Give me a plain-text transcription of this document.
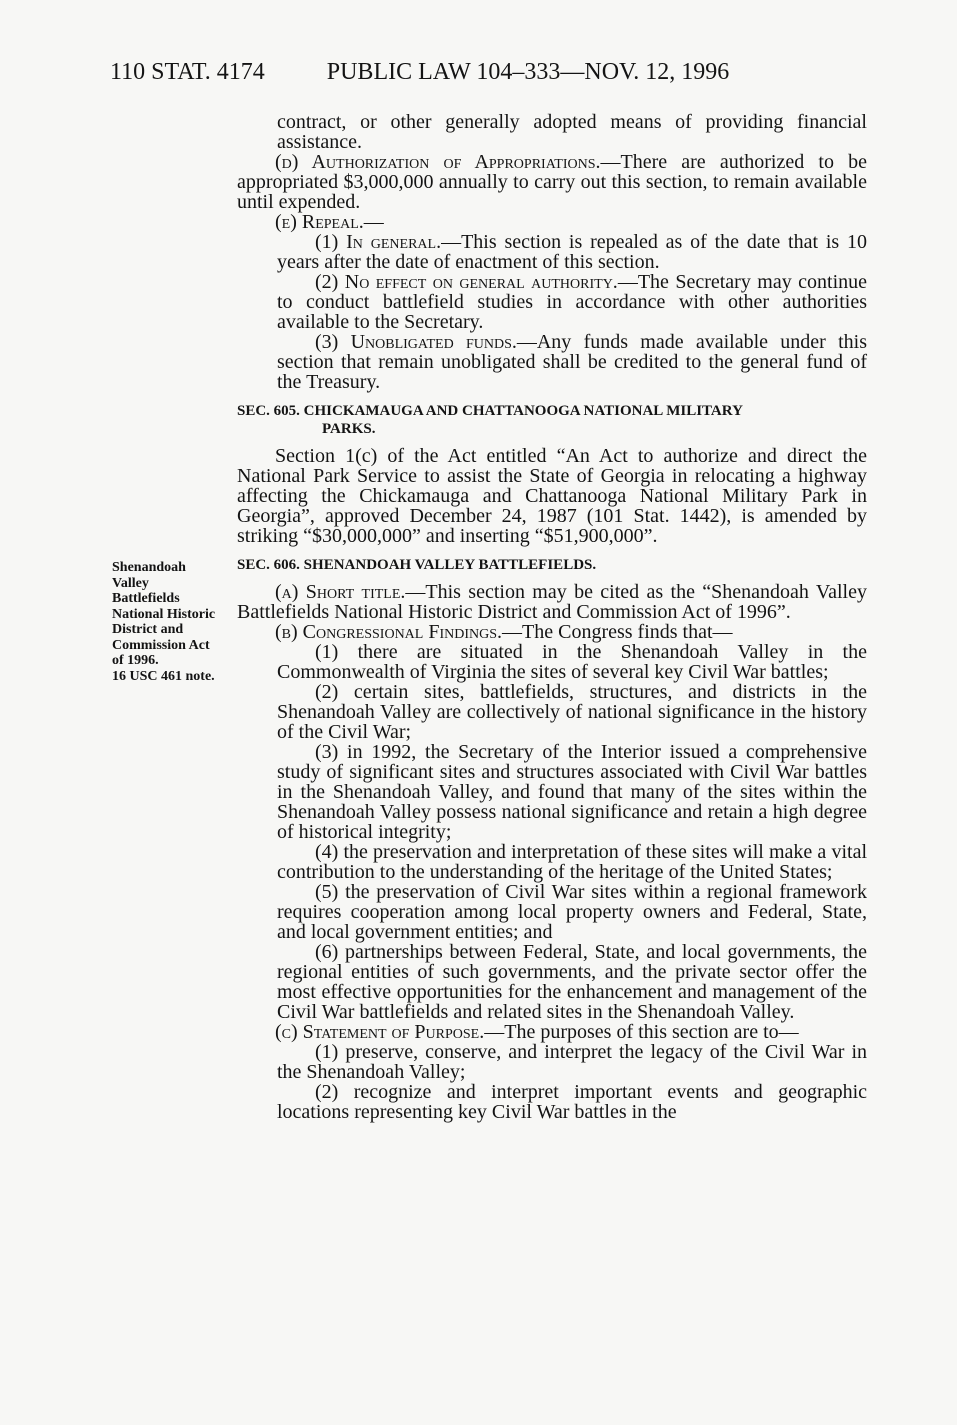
110 STAT. 4174	PUBLIC LAW 104–333—NOV. 12, 1996
Shenandoah
Valley
Battlefields
National Historic
District and
Commission Act
of 1996.
16 USC 461 note.

contract, or other generally adopted means of providing financial assistance.

(d) Authorization of Appropriations.—There are authorized to be appropriated $3,000,000 annually to carry out this section, to remain available until expended.

(e) Repeal.—

(1) In general.—This section is repealed as of the date that is 10 years after the date of enactment of this section.

(2) No effect on general authority.—The Secretary may continue to conduct battlefield studies in accordance with other authorities available to the Secretary.

(3) Unobligated funds.—Any funds made available under this section that remain unobligated shall be credited to the general fund of the Treasury.

SEC. 605. CHICKAMAUGA AND CHATTANOOGA NATIONAL MILITARY
PARKS.

Section 1(c) of the Act entitled “An Act to authorize and direct the National Park Service to assist the State of Georgia in relocating a highway affecting the Chickamauga and Chattanooga National Military Park in Georgia”, approved December 24, 1987 (101 Stat. 1442), is amended by striking “$30,000,000” and inserting “$51,900,000”.

SEC. 606. SHENANDOAH VALLEY BATTLEFIELDS.

(a) Short title.—This section may be cited as the “Shenandoah Valley Battlefields National Historic District and Commission Act of 1996”.

(b) Congressional Findings.—The Congress finds that—

(1) there are situated in the Shenandoah Valley in the Commonwealth of Virginia the sites of several key Civil War battles;

(2) certain sites, battlefields, structures, and districts in the Shenandoah Valley are collectively of national significance in the history of the Civil War;

(3) in 1992, the Secretary of the Interior issued a comprehensive study of significant sites and structures associated with Civil War battles in the Shenandoah Valley, and found that many of the sites within the Shenandoah Valley possess national significance and retain a high degree of historical integrity;

(4) the preservation and interpretation of these sites will make a vital contribution to the understanding of the heritage of the United States;

(5) the preservation of Civil War sites within a regional framework requires cooperation among local property owners and Federal, State, and local government entities; and

(6) partnerships between Federal, State, and local governments, the regional entities of such governments, and the private sector offer the most effective opportunities for the enhancement and management of the Civil War battlefields and related sites in the Shenandoah Valley.

(c) Statement of Purpose.—The purposes of this section are to—

(1) preserve, conserve, and interpret the legacy of the Civil War in the Shenandoah Valley;

(2) recognize and interpret important events and geographic locations representing key Civil War battles in the
